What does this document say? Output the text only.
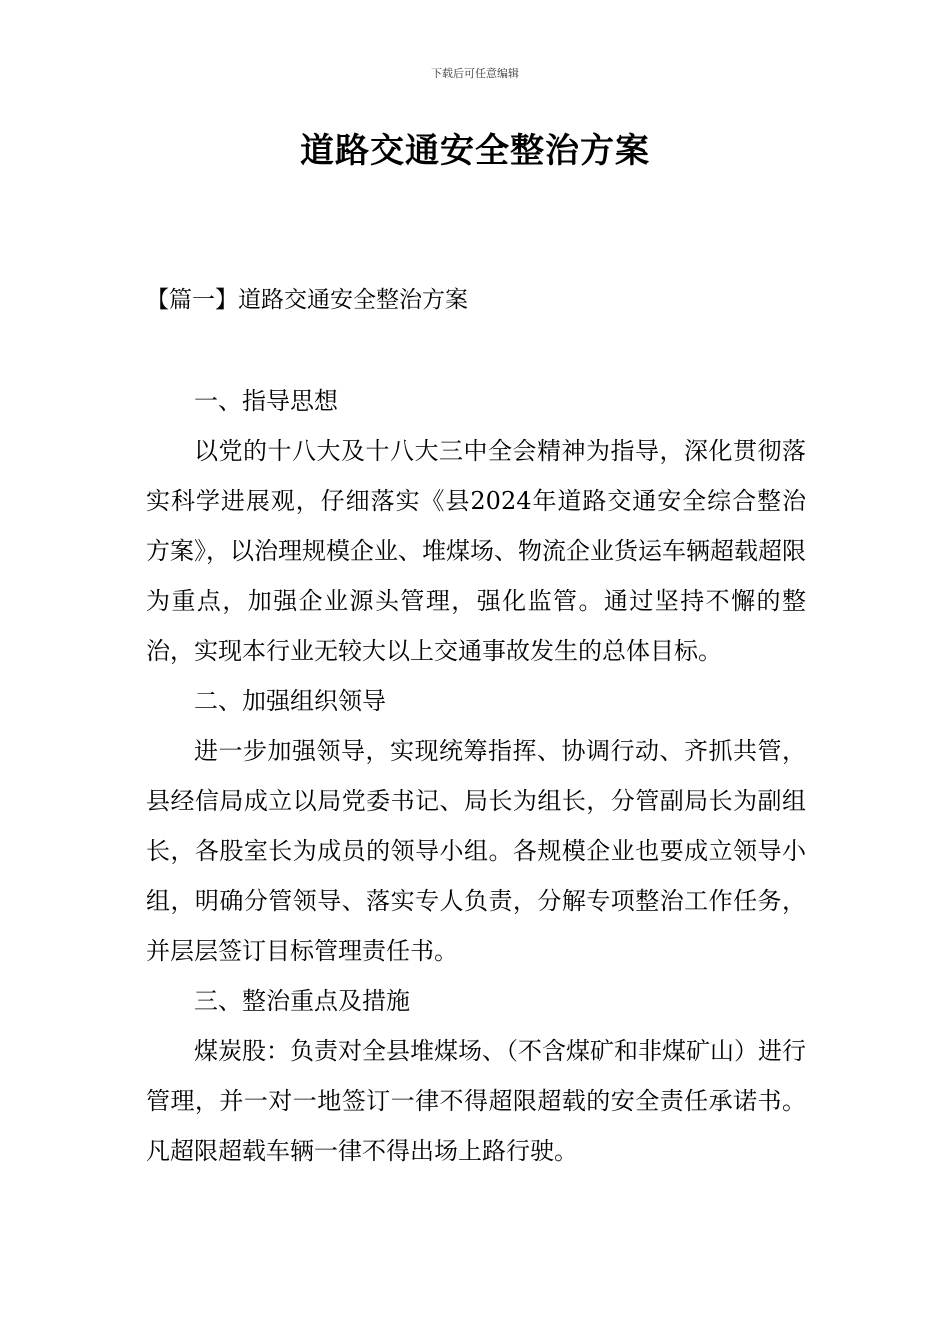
下载后可任意编辑
道路交通安全整治方案
【篇一】道路交通安全整治方案

一、指导思想

以党的十八大及十八大三中全会精神为指导，深化贯彻落实科学进展观，仔细落实《县2024年道路交通安全综合整治方案》，以治理规模企业、堆煤场、物流企业货运车辆超载超限为重点，加强企业源头管理，强化监管。通过坚持不懈的整治，实现本行业无较大以上交通事故发生的总体目标。

二、加强组织领导

进一步加强领导，实现统筹指挥、协调行动、齐抓共管，县经信局成立以局党委书记、局长为组长，分管副局长为副组长，各股室长为成员的领导小组。各规模企业也要成立领导小组，明确分管领导、落实专人负责，分解专项整治工作任务，并层层签订目标管理责任书。

三、整治重点及措施

煤炭股：负责对全县堆煤场、（不含煤矿和非煤矿山）进行管理，并一对一地签订一律不得超限超载的安全责任承诺书。凡超限超载车辆一律不得出场上路行驶。
